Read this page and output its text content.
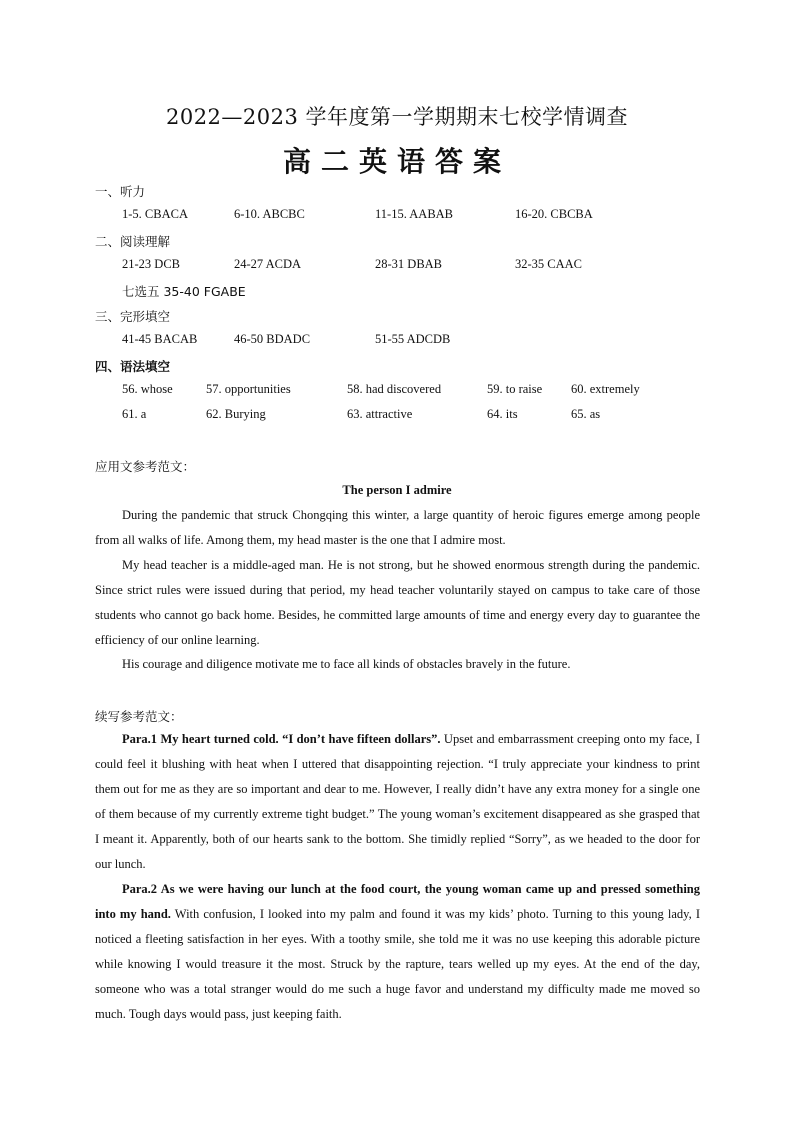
2022—2023 学年度第一学期期末七校学情调查
高二英语答案
一、听力
1-5. CBACA	6-10. ABCBC	11-15. AABAB	16-20. CBCBA
二、阅读理解
21-23 DCB	24-27 ACDA	28-31 DBAB	32-35 CAAC
七选五 35-40 FGABE
三、完形填空
41-45 BACAB	46-50 BDADC	51-55 ADCDB
四、语法填空
56. whose	57. opportunities	58. had discovered	59. to raise 60. extremely
61. a	62. Burying	63. attractive	64. its	65. as
应用文参考范文：
The person I admire

During the pandemic that struck Chongqing this winter, a large quantity of heroic figures emerge among people from all walks of life. Among them, my head master is the one that I admire most.

My head teacher is a middle-aged man. He is not strong, but he showed enormous strength during the pandemic. Since strict rules were issued during that period, my head teacher voluntarily stayed on campus to take care of those students who cannot go back home. Besides, he committed large amounts of time and energy every day to guarantee the efficiency of our online learning.

His courage and diligence motivate me to face all kinds of obstacles bravely in the future.

续写参考范文：

Para.1 My heart turned cold. “I don’t have fifteen dollars”. Upset and embarrassment creeping onto my face, I could feel it blushing with heat when I uttered that disappointing rejection. “I truly appreciate your kindness to print them out for me as they are so important and dear to me. However, I really didn’t have any extra money for a single one of them because of my currently extreme tight budget.” The young woman’s excitement disappeared as she grasped that I meant it. Apparently, both of our hearts sank to the bottom. She timidly replied “Sorry”, as we headed to the door for our lunch.

Para.2 As we were having our lunch at the food court, the young woman came up and pressed something into my hand. With confusion, I looked into my palm and found it was my kids’ photo. Turning to this young lady, I noticed a fleeting satisfaction in her eyes. With a toothy smile, she told me it was no use keeping this adorable picture while knowing I would treasure it the most. Struck by the rapture, tears welled up my eyes. At the end of the day, someone who was a total stranger would do me such a huge favor and understand my difficulty made me moved so much. Tough days would pass, just keeping faith.
